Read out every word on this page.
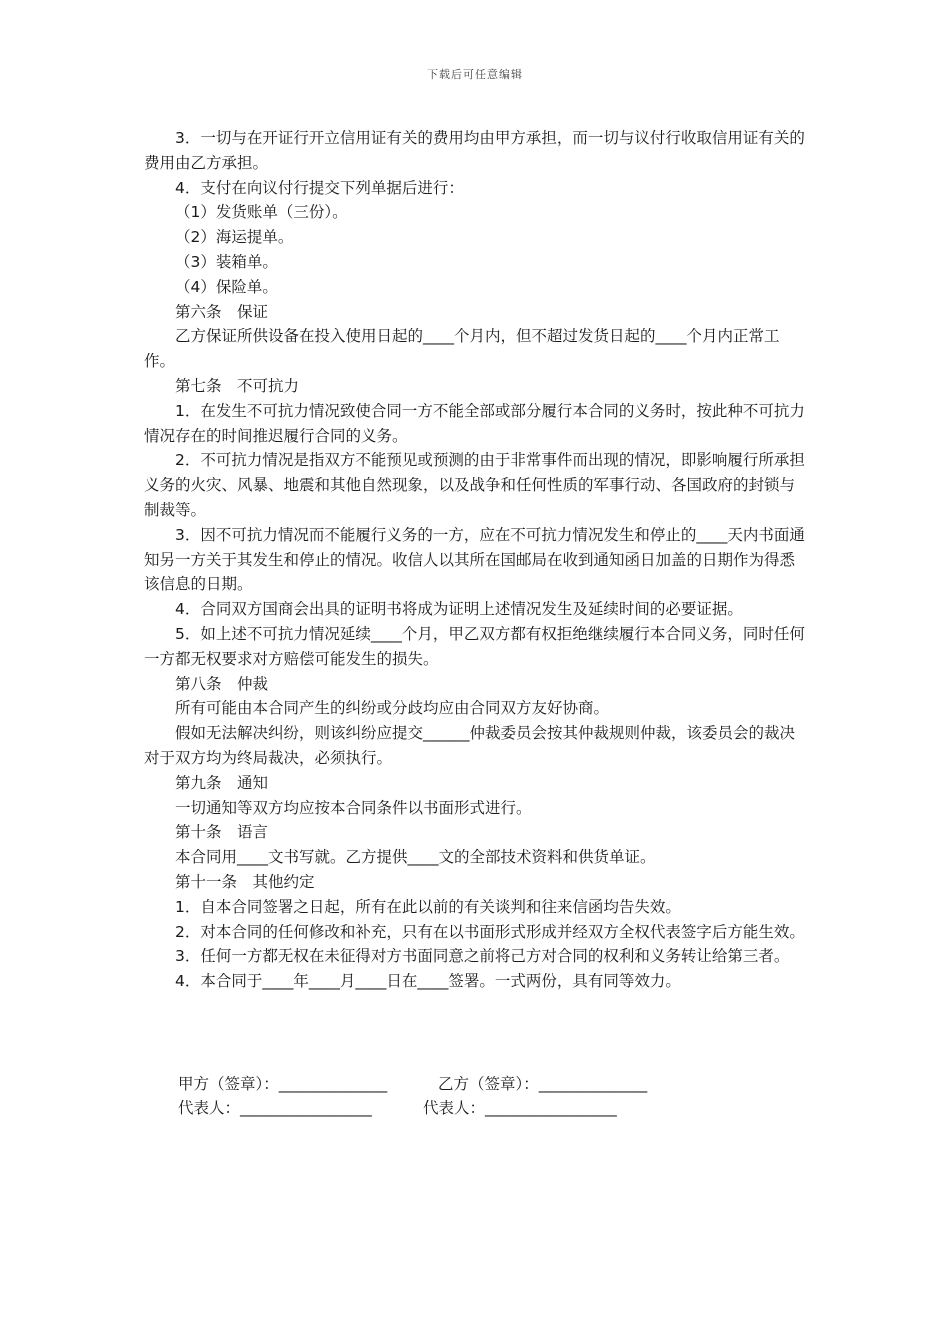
下载后可任意编辑

3．一切与在开证行开立信用证有关的费用均由甲方承担，而一切与议付行收取信用证有关的费用由乙方承担。

4．支付在向议付行提交下列单据后进行：

（1）发货账单（三份）。

（2）海运提单。

（3）装箱单。

（4）保险单。

第六条　保证

乙方保证所供设备在投入使用日起的____个月内，但不超过发货日起的____个月内正常工作。

第七条　不可抗力

1．在发生不可抗力情况致使合同一方不能全部或部分履行本合同的义务时，按此种不可抗力情况存在的时间推迟履行合同的义务。

2．不可抗力情况是指双方不能预见或预测的由于非常事件而出现的情况，即影响履行所承担义务的火灾、风暴、地震和其他自然现象，以及战争和任何性质的军事行动、各国政府的封锁与制裁等。

3．因不可抗力情况而不能履行义务的一方，应在不可抗力情况发生和停止的____天内书面通知另一方关于其发生和停止的情况。收信人以其所在国邮局在收到通知函日加盖的日期作为得悉该信息的日期。

4．合同双方国商会出具的证明书将成为证明上述情况发生及延续时间的必要证据。

5．如上述不可抗力情况延续____个月，甲乙双方都有权拒绝继续履行本合同义务，同时任何一方都无权要求对方赔偿可能发生的损失。

第八条　仲裁

所有可能由本合同产生的纠纷或分歧均应由合同双方友好协商。

假如无法解决纠纷，则该纠纷应提交______仲裁委员会按其仲裁规则仲裁，该委员会的裁决对于双方均为终局裁决，必须执行。

第九条　通知

一切通知等双方均应按本合同条件以书面形式进行。

第十条　语言

本合同用____文书写就。乙方提供____文的全部技术资料和供货单证。

第十一条　其他约定

1．自本合同签署之日起，所有在此以前的有关谈判和往来信函均告失效。

2．对本合同的任何修改和补充，只有在以书面形式形成并经双方全权代表签字后方能生效。

3．任何一方都无权在未征得对方书面同意之前将己方对合同的权利和义务转让给第三者。

4．本合同于____年____月____日在____签署。一式两份，具有同等效力。

甲方（签章）：______________	乙方（签章）：______________
代表人：_________________	代表人：_________________
